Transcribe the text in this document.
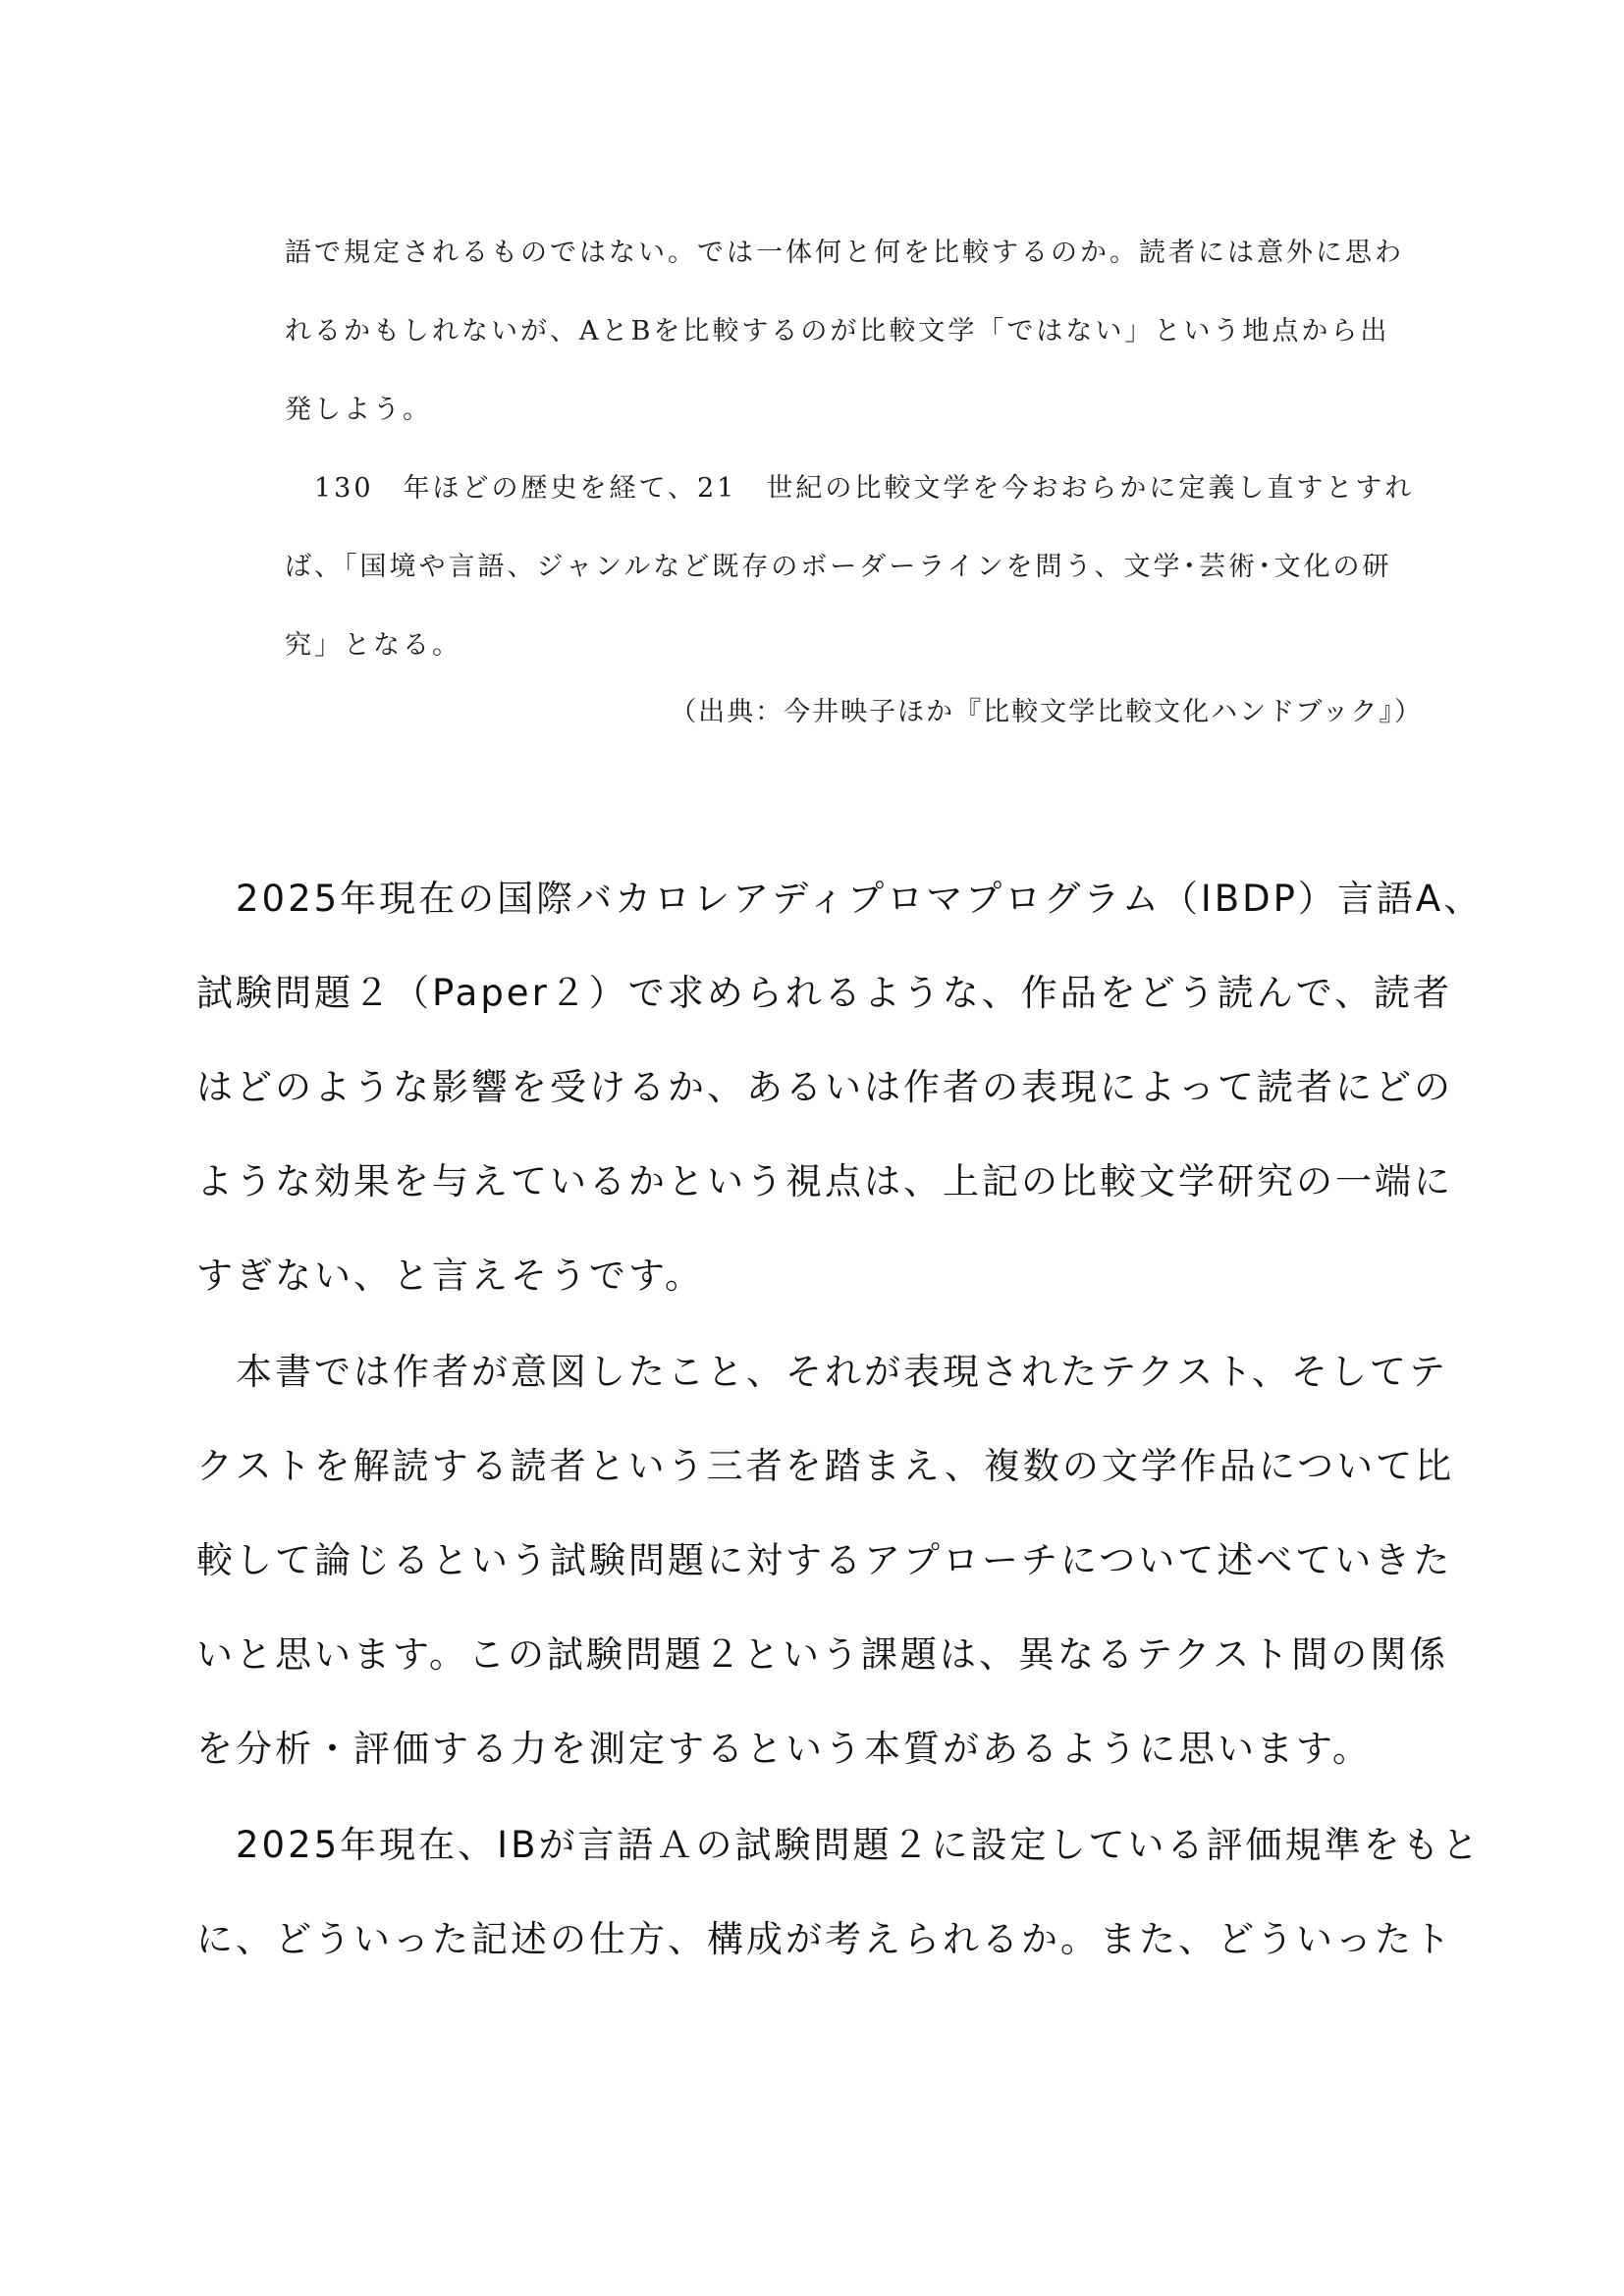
語で規定されるものではない。では一体何と何を比較するのか。読者には意外に思わ
れるかもしれないが、AとBを比較するのが比較文学「ではない」という地点から出
発しよう。
　130　年ほどの歴史を経て、21　世紀の比較文学を今おおらかに定義し直すとすれ
ば、「国境や言語、ジャンルなど既存のボーダーラインを問う、文学･芸術･文化の研
究」となる。
（出典：今井映子ほか『比較文学比較文化ハンドブック』）
　2025年現在の国際バカロレアディプロマプログラム（IBDP）言語A、
試験問題２（Paper２）で求められるような、作品をどう読んで、読者
はどのような影響を受けるか、あるいは作者の表現によって読者にどの
ような効果を与えているかという視点は、上記の比較文学研究の一端に
すぎない、と言えそうです。
　本書では作者が意図したこと、それが表現されたテクスト、そしてテ
クストを解読する読者という三者を踏まえ、複数の文学作品について比
較して論じるという試験問題に対するアプローチについて述べていきた
いと思います。この試験問題２という課題は、異なるテクスト間の関係
を分析・評価する力を測定するという本質があるように思います。
　2025年現在、IBが言語Ａの試験問題２に設定している評価規準をもと
に、どういった記述の仕方、構成が考えられるか。また、どういったト
